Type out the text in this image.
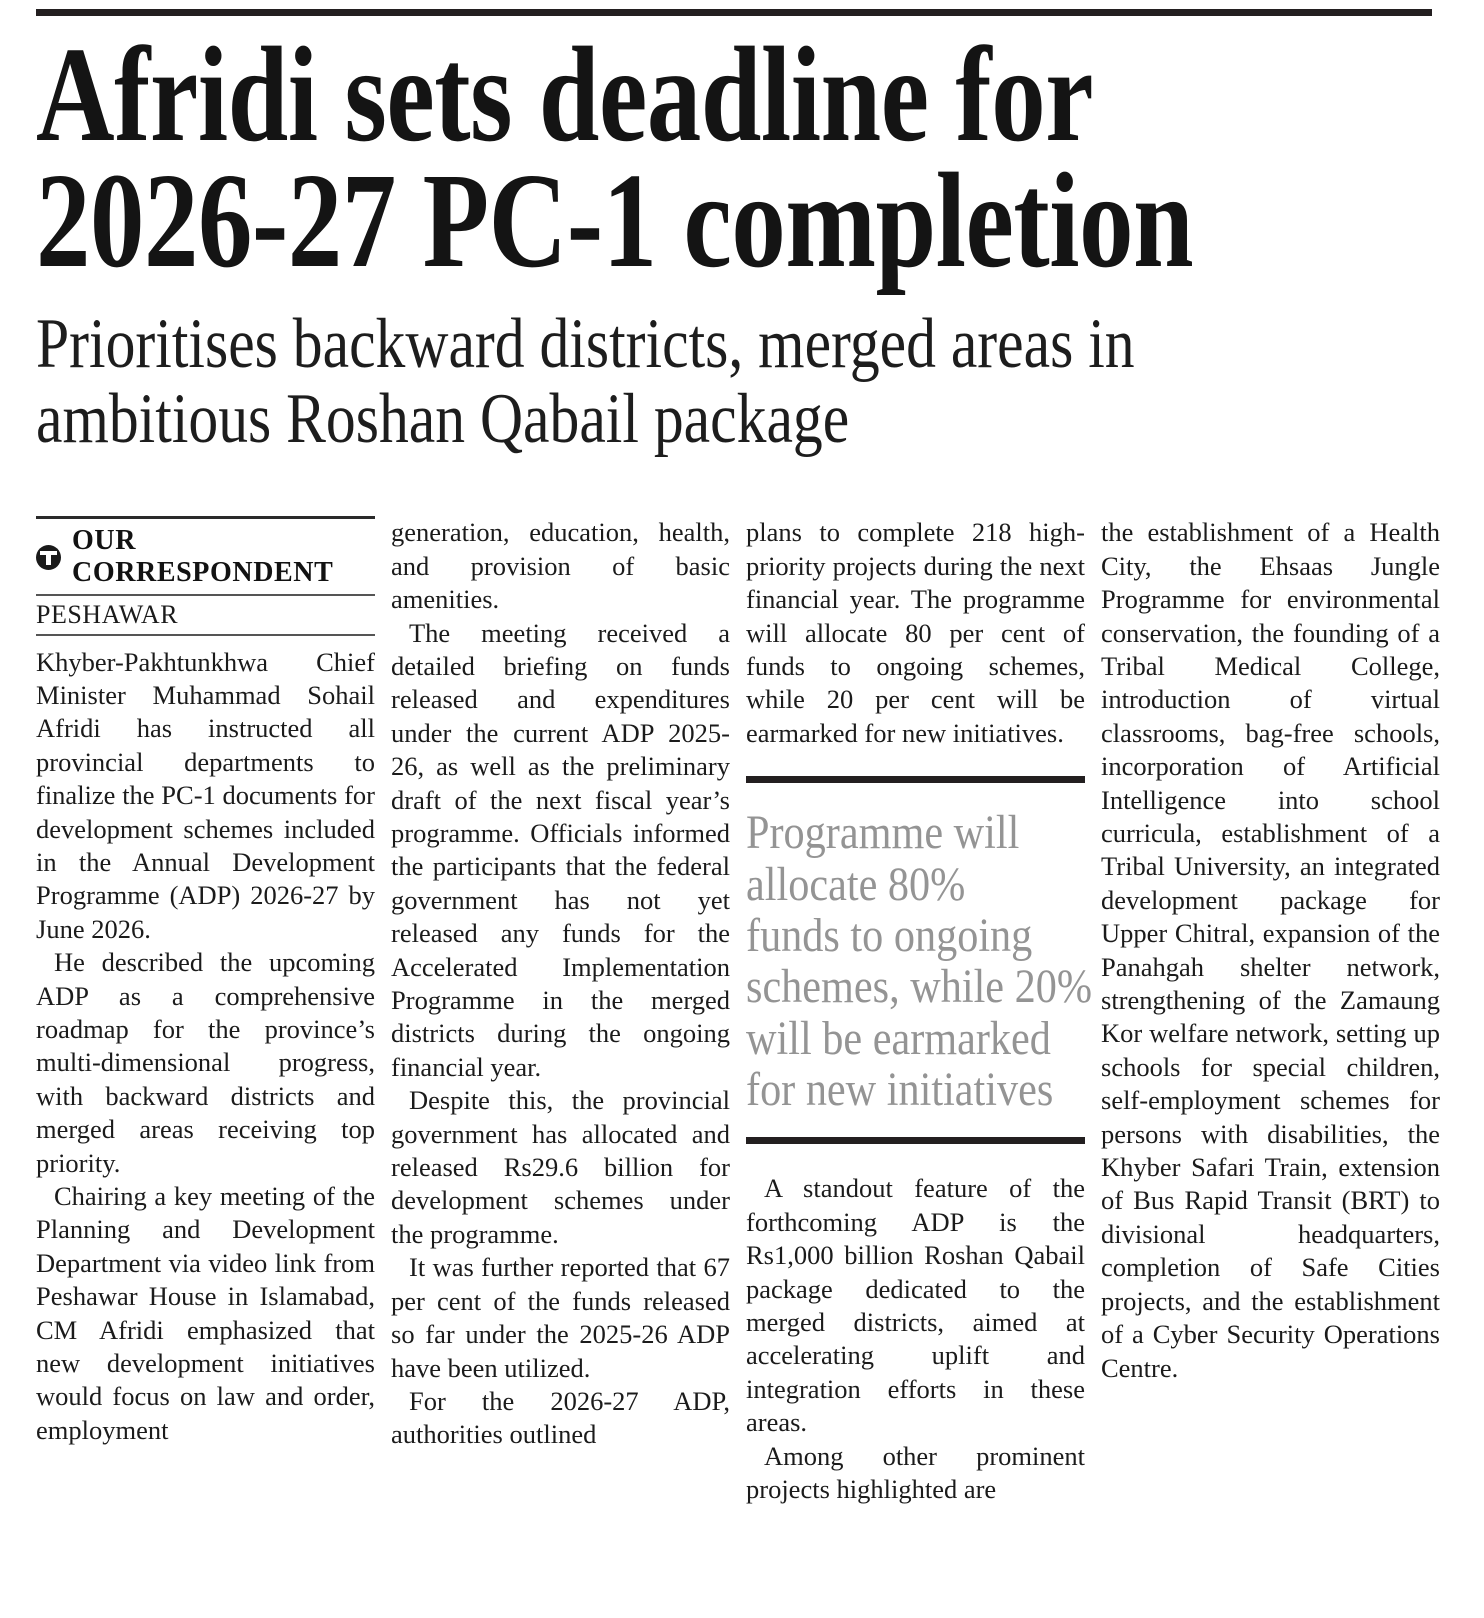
Afridi sets deadline for
2026-27 PC-1 completion
Prioritises backward districts, merged areas in
ambitious Roshan Qabail package
OUR CORRESPONDENT
PESHAWAR

Khyber-Pakhtunkhwa Chief Minister Muhammad Sohail Afridi has instructed all provincial departments to finalize the PC-1 documents for development schemes included in the Annual Development Programme (ADP) 2026-27 by June 2026.

He described the upcoming ADP as a comprehensive roadmap for the province’s multi-dimensional progress, with backward districts and merged areas receiving top priority.

Chairing a key meeting of the Planning and Development Department via video link from Peshawar House in Islamabad, CM Afridi emphasized that new development initiatives would focus on law and order, employment

generation, education, health, and provision of basic amenities.

The meeting received a detailed briefing on funds released and expenditures under the current ADP 2025-26, as well as the preliminary draft of the next fiscal year’s programme. Officials informed the participants that the federal government has not yet released any funds for the Accelerated Implementation Programme in the merged districts during the ongoing financial year.

Despite this, the provincial government has allocated and released Rs29.6 billion for development schemes under the programme.

It was further reported that 67 per cent of the funds released so far under the 2025-26 ADP have been utilized.

For the 2026-27 ADP, authorities outlined

plans to complete 218 high-priority projects during the next financial year. The programme will allocate 80 per cent of funds to ongoing schemes, while 20 per cent will be earmarked for new initiatives.

Programme will
allocate 80%
funds to ongoing
schemes, while 20%
will be earmarked
for new initiatives

A standout feature of the forthcoming ADP is the Rs1,000 billion Roshan Qabail package dedicated to the merged districts, aimed at accelerating uplift and integration efforts in these areas.

Among other prominent projects highlighted are

the establishment of a Health City, the Ehsaas Jungle Programme for environmental conservation, the founding of a Tribal Medical College, introduction of virtual classrooms, bag-free schools, incorporation of Artificial Intelligence into school curricula, establishment of a Tribal University, an integrated development package for Upper Chitral, expansion of the Panahgah shelter network, strengthening of the Zamaung Kor welfare network, setting up schools for special children, self-employment schemes for persons with disabilities, the Khyber Safari Train, extension of Bus Rapid Transit (BRT) to divisional headquarters, completion of Safe Cities projects, and the establishment of a Cyber Security Operations Centre.
